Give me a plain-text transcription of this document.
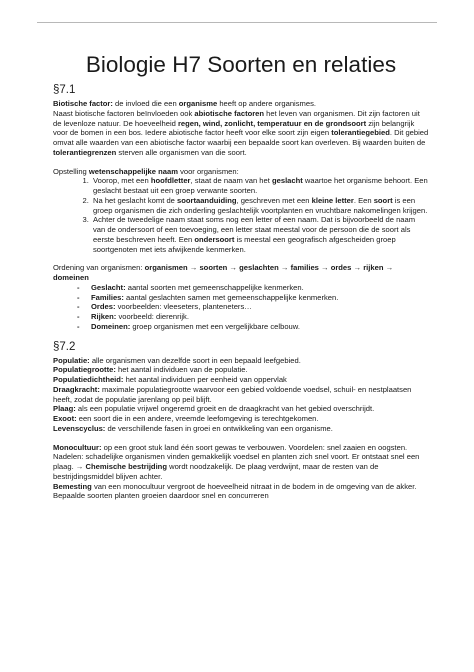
Biologie H7 Soorten en relaties
§7.1

Biotische factor: de invloed die een organisme heeft op andere organismes.

Naast biotische factoren beïnvloeden ook abiotische factoren het leven van organismen. Dit zijn factoren uit de levenloze natuur. De hoeveelheid regen, wind, zonlicht, temperatuur en de grondsoort zijn belangrijk voor de bomen in een bos. Iedere abiotische factor heeft voor elke soort zijn eigen tolerantiegebied. Dit gebied omvat alle waarden van een abiotische factor waarbij een bepaalde soort kan overleven. Bij waarden buiten de tolerantiegrenzen sterven alle organismen van die soort.

Opstelling wetenschappelijke naam voor organismen:

1. Voorop, met een hoofdletter, staat de naam van het geslacht waartoe het organisme behoort. Een geslacht bestaat uit een groep verwante soorten.
2. Na het geslacht komt de soortaanduiding, geschreven met een kleine letter. Een soort is een groep organismen die zich onderling geslachtelijk voortplanten en vruchtbare nakomelingen krijgen.
3. Achter de tweedelige naam staat soms nog een letter of een naam. Dat is bijvoorbeeld de naam van de ondersoort of een toevoeging, een letter staat meestal voor de persoon die de soort als eerste beschreven heeft. Een ondersoort is meestal een geografisch afgescheiden groep soortgenoten met iets afwijkende kenmerken.

Ordening van organismen: organismen → soorten → geslachten → families → ordes → rijken → domeinen

- Geslacht: aantal soorten met gemeenschappelijke kenmerken.
- Families: aantal geslachten samen met gemeenschappelijke kenmerken.
- Ordes: voorbeelden: vleeseters, planteneters…
- Rijken: voorbeeld: dierenrijk.
- Domeinen: groep organismen met een vergelijkbare celbouw.
§7.2

Populatie: alle organismen van dezelfde soort in een bepaald leefgebied.

Populatiegrootte: het aantal individuen van de populatie.

Populatiedichtheid: het aantal individuen per eenheid van oppervlak

Draagkracht: maximale populatiegrootte waarvoor een gebied voldoende voedsel, schuil- en nestplaatsen heeft, zodat de populatie jarenlang op peil blijft.

Plaag: als een populatie vrijwel ongeremd groeit en de draagkracht van het gebied overschrijdt.

Exoot: een soort die in een andere, vreemde leefomgeving is terechtgekomen.

Levenscyclus: de verschillende fasen in groei en ontwikkeling van een organisme.

Monocultuur: op een groot stuk land één soort gewas te verbouwen. Voordelen: snel zaaien en oogsten. Nadelen: schadelijke organismen vinden gemakkelijk voedsel en planten zich snel voort. Er ontstaat snel een plaag. → Chemische bestrijding wordt noodzakelijk. De plaag verdwijnt, maar de resten van de bestrijdingsmiddel blijven achter.

Bemesting van een monocultuur vergroot de hoeveelheid nitraat in de bodem in de omgeving van de akker. Bepaalde soorten planten groeien daardoor snel en concurreren
